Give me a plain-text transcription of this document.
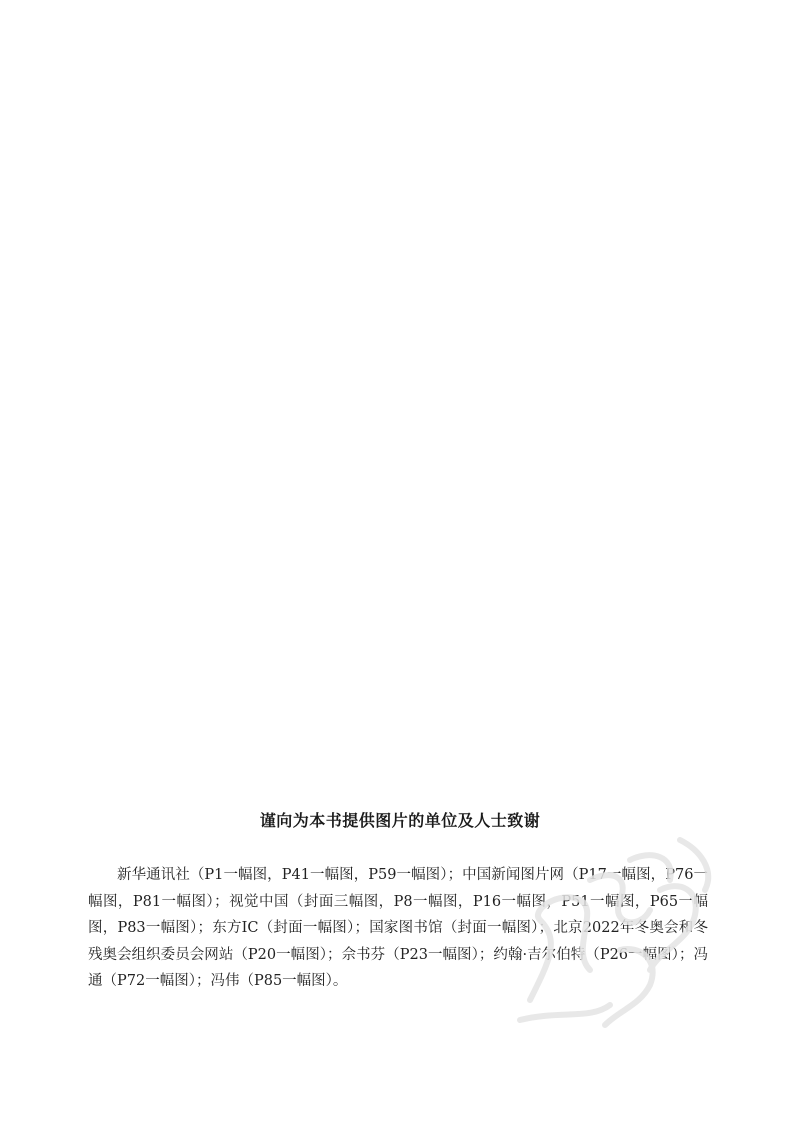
谨向为本书提供图片的单位及人士致谢

新华通讯社（P1一幅图，P41一幅图，P59一幅图）；中国新闻图片网（P17一幅图，P76一幅图，P81一幅图）；视觉中国（封面三幅图，P8一幅图，P16一幅图，P51一幅图，P65一幅图，P83一幅图）；东方IC（封面一幅图）；国家图书馆（封面一幅图）；北京2022年冬奥会和冬残奥会组织委员会网站（P20一幅图）；佘书芬（P23一幅图）；约翰·吉尔伯特（P26一幅图）；冯通（P72一幅图）；冯伟（P85一幅图）。
